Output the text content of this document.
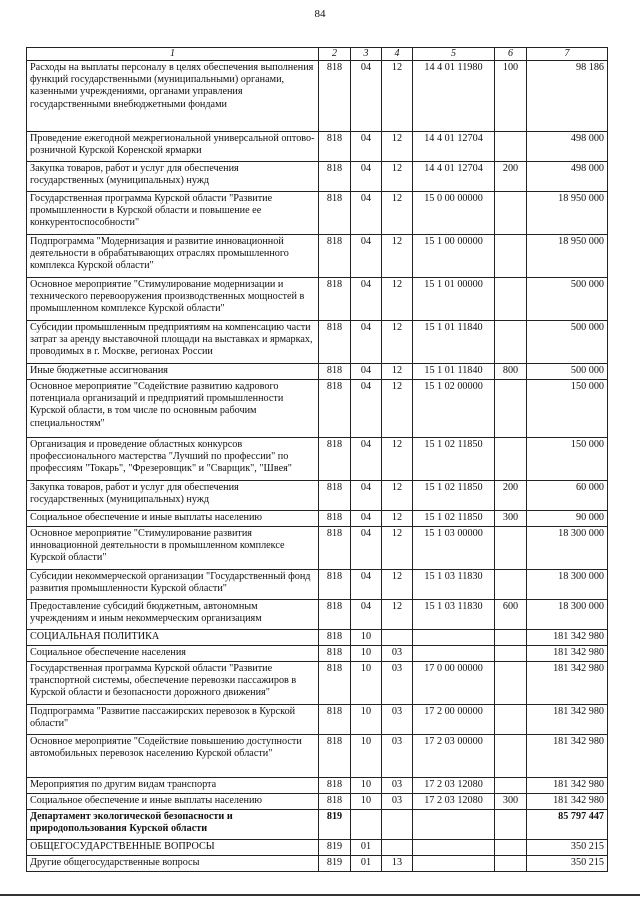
84
1	2	3	4	5	6	7
Расходы на выплаты персоналу в целях обеспечения выполнения функций государственными (муниципальными) органами, казенными учреждениями, органами управления государственными внебюджетными фондами	818	04	12	14 4 01 11980	100	98 186
Проведение ежегодной межрегиональной универсальной оптово-розничной Курской Коренской ярмарки	818	04	12	14 4 01 12704		498 000
Закупка товаров, работ и услуг для обеспечения государственных (муниципальных) нужд	818	04	12	14 4 01 12704	200	498 000
Государственная программа Курской области "Развитие промышленности в Курской области и повышение ее конкурентоспособности"	818	04	12	15 0 00 00000		18 950 000
Подпрограмма "Модернизация и развитие инновационной деятельности в обрабатывающих отраслях промышленного комплекса Курской области"	818	04	12	15 1 00 00000		18 950 000
Основное мероприятие "Стимулирование модернизации и технического перевооружения производственных мощностей в промышленном комплексе Курской области"	818	04	12	15 1 01 00000		500 000
Субсидии промышленным предприятиям на компенсацию части затрат за аренду выставочной площади на выставках и ярмарках, проводимых в г. Москве, регионах России	818	04	12	15 1 01 11840		500 000
Иные бюджетные ассигнования	818	04	12	15 1 01 11840	800	500 000
Основное мероприятие "Содействие развитию кадрового потенциала организаций и предприятий промышленности Курской области, в том числе по основным рабочим специальностям"	818	04	12	15 1 02 00000		150 000
Организация и проведение областных конкурсов профессионального мастерства "Лучший по профессии" по профессиям "Токарь", "Фрезеровщик" и "Сварщик", "Швея"	818	04	12	15 1 02 11850		150 000
Закупка товаров, работ и услуг для обеспечения государственных (муниципальных) нужд	818	04	12	15 1 02 11850	200	60 000
Социальное обеспечение и иные выплаты населению	818	04	12	15 1 02 11850	300	90 000
Основное мероприятие "Стимулирование развития инновационной деятельности в промышленном комплексе Курской области"	818	04	12	15 1 03 00000		18 300 000
Субсидии некоммерческой организации "Государственный фонд развития промышленности Курской области"	818	04	12	15 1 03 11830		18 300 000
Предоставление субсидий бюджетным, автономным учреждениям и иным некоммерческим организациям	818	04	12	15 1 03 11830	600	18 300 000
СОЦИАЛЬНАЯ ПОЛИТИКА	818	10				181 342 980
Социальное обеспечение населения	818	10	03			181 342 980
Государственная программа Курской области "Развитие транспортной системы, обеспечение перевозки пассажиров в Курской области и безопасности дорожного движения"	818	10	03	17 0 00 00000		181 342 980
Подпрограмма "Развитие пассажирских перевозок в Курской области"	818	10	03	17 2 00 00000		181 342 980
Основное мероприятие "Содействие повышению доступности автомобильных перевозок населению Курской области"	818	10	03	17 2 03 00000		181 342 980
Мероприятия по другим видам транспорта	818	10	03	17 2 03 12080		181 342 980
Социальное обеспечение и иные выплаты населению	818	10	03	17 2 03 12080	300	181 342 980
Департамент экологической безопасности и природопользования Курской области	819					85 797 447
ОБЩЕГОСУДАРСТВЕННЫЕ ВОПРОСЫ	819	01				350 215
Другие общегосударственные вопросы	819	01	13			350 215
